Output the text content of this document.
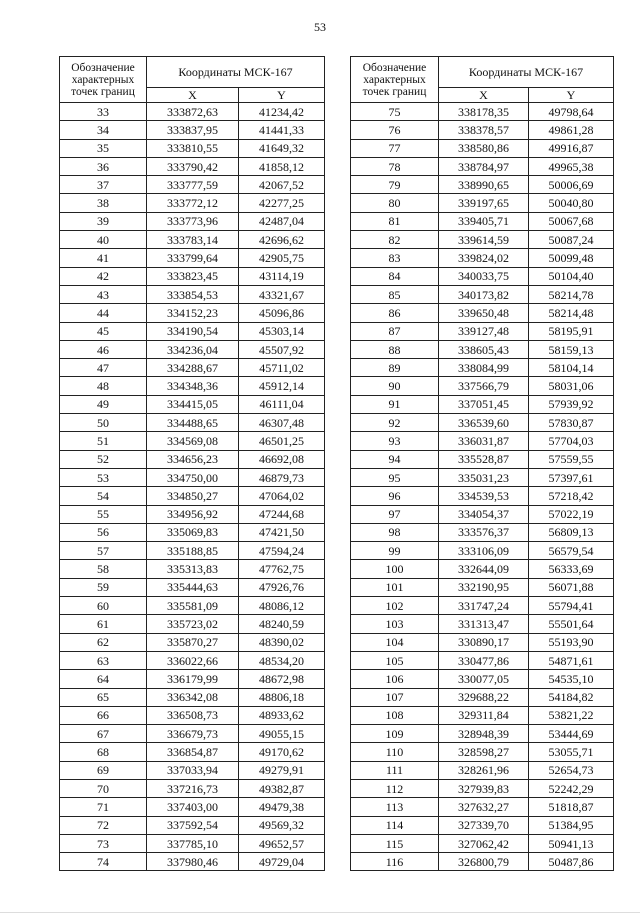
53
Обозначение характерных точек границ	Координаты МСК-167	
	X	Y
33	333872,63	41234,42
34	333837,95	41441,33
35	333810,55	41649,32
36	333790,42	41858,12
37	333777,59	42067,52
38	333772,12	42277,25
39	333773,96	42487,04
40	333783,14	42696,62
41	333799,64	42905,75
42	333823,45	43114,19
43	333854,53	43321,67
44	334152,23	45096,86
45	334190,54	45303,14
46	334236,04	45507,92
47	334288,67	45711,02
48	334348,36	45912,14
49	334415,05	46111,04
50	334488,65	46307,48
51	334569,08	46501,25
52	334656,23	46692,08
53	334750,00	46879,73
54	334850,27	47064,02
55	334956,92	47244,68
56	335069,83	47421,50
57	335188,85	47594,24
58	335313,83	47762,75
59	335444,63	47926,76
60	335581,09	48086,12
61	335723,02	48240,59
62	335870,27	48390,02
63	336022,66	48534,20
64	336179,99	48672,98
65	336342,08	48806,18
66	336508,73	48933,62
67	336679,73	49055,15
68	336854,87	49170,62
69	337033,94	49279,91
70	337216,73	49382,87
71	337403,00	49479,38
72	337592,54	49569,32
73	337785,10	49652,57
74	337980,46	49729,04
Обозначение характерных точек границ	Координаты МСК-167	
	X	Y
75	338178,35	49798,64
76	338378,57	49861,28
77	338580,86	49916,87
78	338784,97	49965,38
79	338990,65	50006,69
80	339197,65	50040,80
81	339405,71	50067,68
82	339614,59	50087,24
83	339824,02	50099,48
84	340033,75	50104,40
85	340173,82	58214,78
86	339650,48	58214,48
87	339127,48	58195,91
88	338605,43	58159,13
89	338084,99	58104,14
90	337566,79	58031,06
91	337051,45	57939,92
92	336539,60	57830,87
93	336031,87	57704,03
94	335528,87	57559,55
95	335031,23	57397,61
96	334539,53	57218,42
97	334054,37	57022,19
98	333576,37	56809,13
99	333106,09	56579,54
100	332644,09	56333,69
101	332190,95	56071,88
102	331747,24	55794,41
103	331313,47	55501,64
104	330890,17	55193,90
105	330477,86	54871,61
106	330077,05	54535,10
107	329688,22	54184,82
108	329311,84	53821,22
109	328948,39	53444,69
110	328598,27	53055,71
111	328261,96	52654,73
112	327939,83	52242,29
113	327632,27	51818,87
114	327339,70	51384,95
115	327062,42	50941,13
116	326800,79	50487,86
